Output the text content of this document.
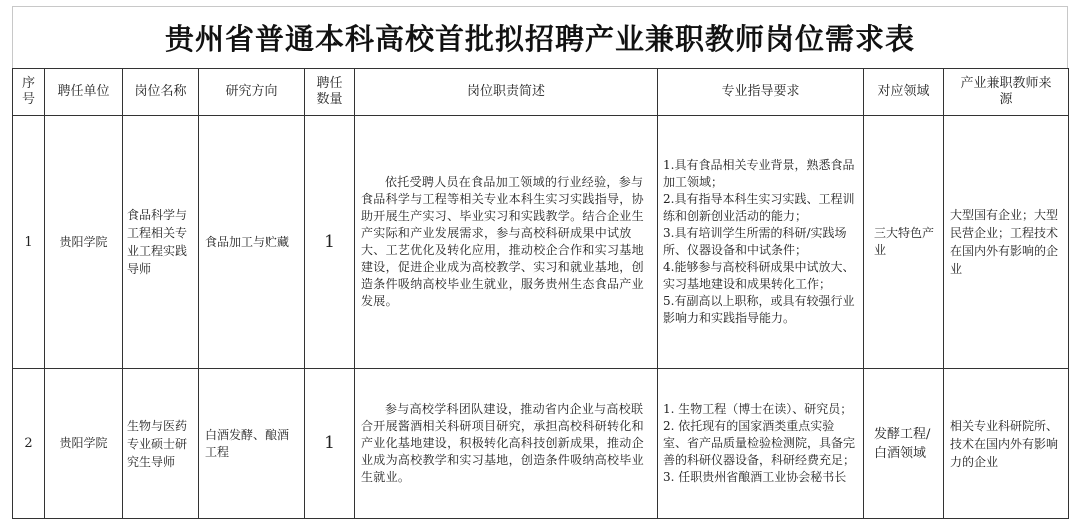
贵州省普通本科高校首批拟招聘产业兼职教师岗位需求表
序号	聘任单位	岗位名称	研究方向	聘任数量	岗位职责简述	专业指导要求	对应领域	产业兼职教师来源
1	贵阳学院	食品科学与工程相关专业工程实践导师	食品加工与贮藏	1	依托受聘人员在食品加工领域的行业经验，参与食品科学与工程等相关专业本科生实习实践指导，协助开展生产实习、毕业实习和实践教学。结合企业生产实际和产业发展需求，参与高校科研成果中试放大、工艺优化及转化应用，推动校企合作和实习基地建设，促进企业成为高校教学、实习和就业基地，创造条件吸纳高校毕业生就业，服务贵州生态食品产业发展。	1.具有食品相关专业背景，熟悉食品加工领域；
2.具有指导本科生实习实践、工程训练和创新创业活动的能力；
3.具有培训学生所需的科研/实践场所、仪器设备和中试条件；
4.能够参与高校科研成果中试放大、实习基地建设和成果转化工作；
5.有副高以上职称，或具有较强行业影响力和实践指导能力。	三大特色产业	大型国有企业；大型民营企业；工程技术在国内外有影响的企业
2	贵阳学院	生物与医药专业硕士研究生导师	白酒发酵、酿酒工程	1	参与高校学科团队建设，推动省内企业与高校联合开展酱酒相关科研项目研究，承担高校科研转化和产业化基地建设，积极转化高科技创新成果，推动企业成为高校教学和实习基地，创造条件吸纳高校毕业生就业。	1. 生物工程（博士在读）、研究员；
2. 依托现有的国家酒类重点实验室、省产品质量检验检测院，具备完善的科研仪器设备，科研经费充足；
3. 任职贵州省酿酒工业协会秘书长	发酵工程/白酒领域	相关专业科研院所、技术在国内外有影响力的企业
